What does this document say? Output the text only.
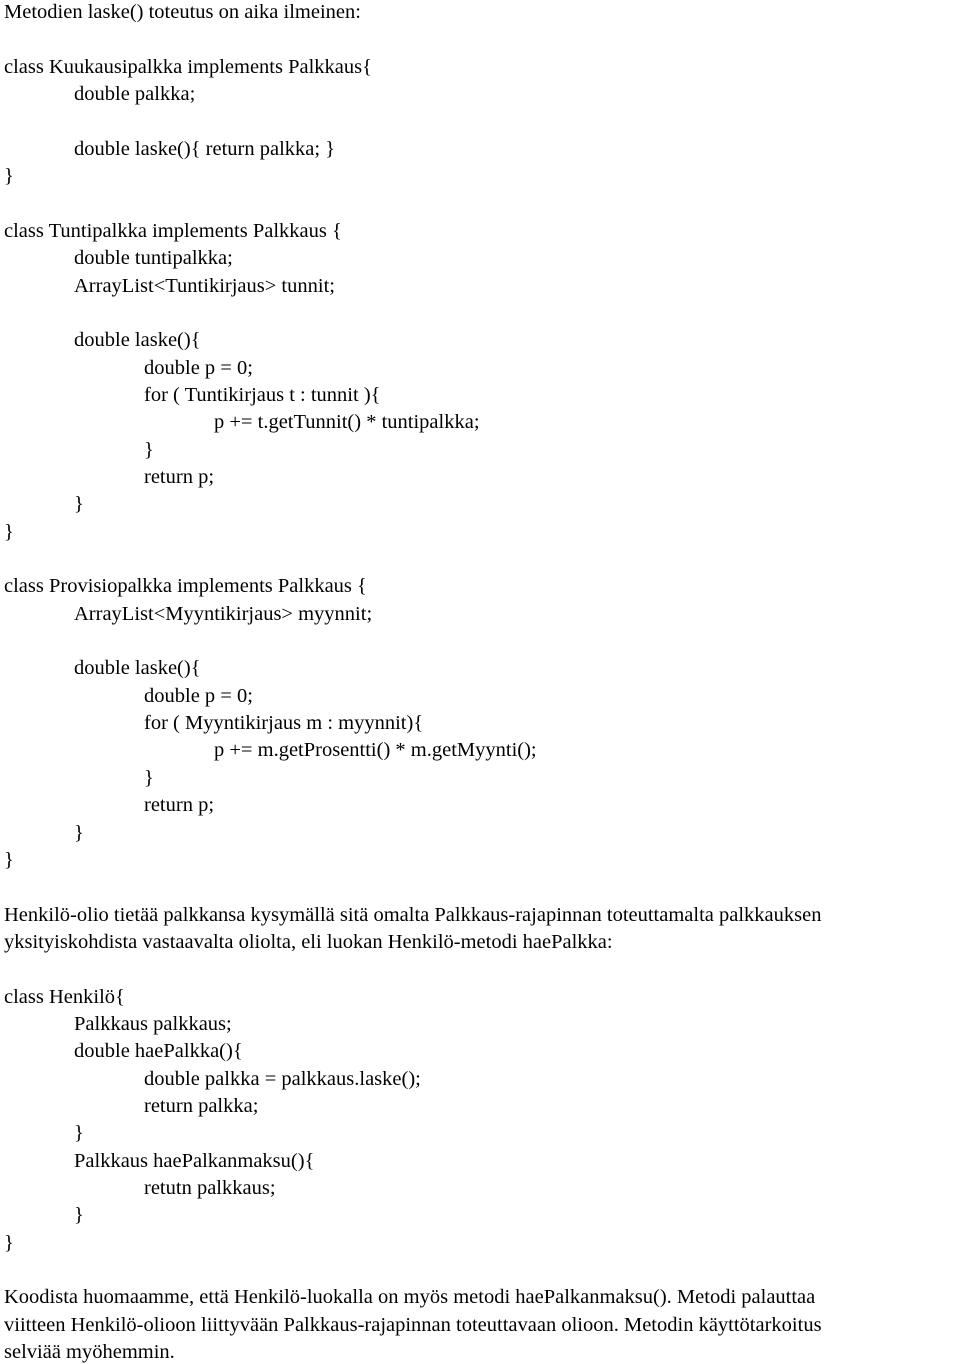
Metodien laske() toteutus on aika ilmeinen:
class Kuukausipalkka implements Palkkaus{
double palkka;
double laske(){ return palkka; }
}
class Tuntipalkka implements Palkkaus {
double tuntipalkka;
ArrayList<Tuntikirjaus> tunnit;
double laske(){
double p = 0;
for ( Tuntikirjaus t : tunnit ){
p += t.getTunnit() * tuntipalkka;
}
return p;
}
}
class Provisiopalkka implements Palkkaus {
ArrayList<Myyntikirjaus> myynnit;
double laske(){
double p = 0;
for ( Myyntikirjaus m : myynnit){
p += m.getProsentti() * m.getMyynti();
}
return p;
}
}
Henkilö-olio tietää palkkansa kysymällä sitä omalta Palkkaus-rajapinnan toteuttamalta palkkauksen
yksityiskohdista vastaavalta oliolta, eli luokan Henkilö-metodi haePalkka:
class Henkilö{
Palkkaus palkkaus;
double haePalkka(){
double palkka = palkkaus.laske();
return palkka;
}
Palkkaus haePalkanmaksu(){
retutn palkkaus;
}
}
Koodista huomaamme, että Henkilö-luokalla on myös metodi haePalkanmaksu(). Metodi palauttaa
viitteen Henkilö-olioon liittyvään Palkkaus-rajapinnan toteuttavaan olioon. Metodin käyttötarkoitus
selviää myöhemmin.
